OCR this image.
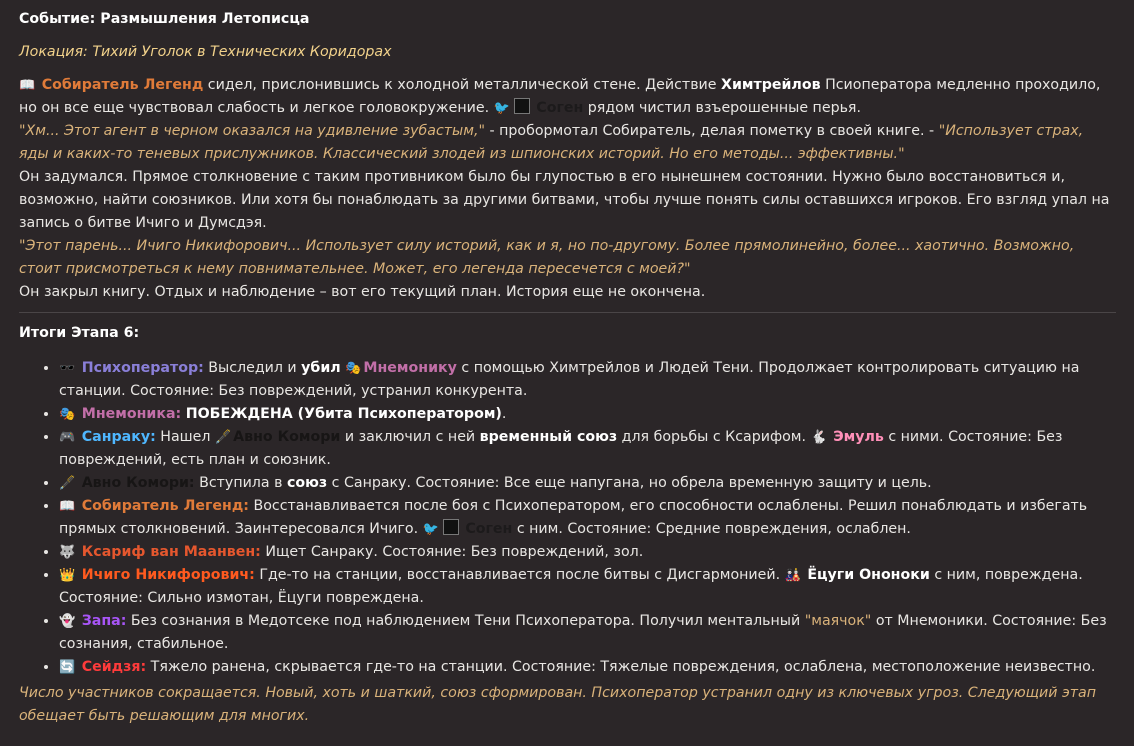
Событие: Размышления Летописца

Локация: Тихий Уголок в Технических Коридорах

📖 Собиратель Легенд сидел, прислонившись к холодной металлической стене. Действие Химтрейлов Псиоператора медленно проходило, но он все еще чувствовал слабость и легкое головокружение. 🐦 Соген рядом чистил взъерошенные перья.

"Хм... Этот агент в черном оказался на удивление зубастым," - пробормотал Собиратель, делая пометку в своей книге. - "Использует страх, яды и каких-то теневых прислужников. Классический злодей из шпионских историй. Но его методы... эффективны."

Он задумался. Прямое столкновение с таким противником было бы глупостью в его нынешнем состоянии. Нужно было восстановиться и, возможно, найти союзников. Или хотя бы понаблюдать за другими битвами, чтобы лучше понять силы оставшихся игроков. Его взгляд упал на запись о битве Ичиго и Думсдэя.

"Этот парень... Ичиго Никифорович... Использует силу историй, как и я, но по-другому. Более прямолинейно, более... хаотично. Возможно, стоит присмотреться к нему повнимательнее. Может, его легенда пересечется с моей?"

Он закрыл книгу. Отдых и наблюдение – вот его текущий план. История еще не окончена.

Итоги Этапа 6:

• 🕶️ Психоператор: Выследил и убил 🎭 Мнемонику с помощью Химтрейлов и Людей Тени. Продолжает контролировать ситуацию на станции. Состояние: Без повреждений, устранил конкурента.
• 🎭 Мнемоника: ПОБЕЖДЕНА (Убита Психоператором).
• 🎮 Санраку: Нашел 🖋️ Авно Комори и заключил с ней временный союз для борьбы с Ксарифом. 🐇 Эмуль с ними. Состояние: Без повреждений, есть план и союзник.
• 🖋️ Авно Комори: Вступила в союз с Санраку. Состояние: Все еще напугана, но обрела временную защиту и цель.
• 📖 Собиратель Легенд: Восстанавливается после боя с Психоператором, его способности ослаблены. Решил понаблюдать и избегать прямых столкновений. Заинтересовался Ичиго. 🐦 Соген с ним. Состояние: Средние повреждения, ослаблен.
• 🐺 Ксариф ван Маанвен: Ищет Санраку. Состояние: Без повреждений, зол.
• 👑 Ичиго Никифорович: Где-то на станции, восстанавливается после битвы с Дисгармонией. 🎎 Ёцуги Ононоки с ним, повреждена. Состояние: Сильно измотан, Ёцуги повреждена.
• 👻 Запа: Без сознания в Медотсеке под наблюдением Тени Психоператора. Получил ментальный "маячок" от Мнемоники. Состояние: Без сознания, стабильное.
• 🔄 Сейдзя: Тяжело ранена, скрывается где-то на станции. Состояние: Тяжелые повреждения, ослаблена, местоположение неизвестно.

Число участников сокращается. Новый, хоть и шаткий, союз сформирован. Психоператор устранил одну из ключевых угроз. Следующий этап обещает быть решающим для многих.
